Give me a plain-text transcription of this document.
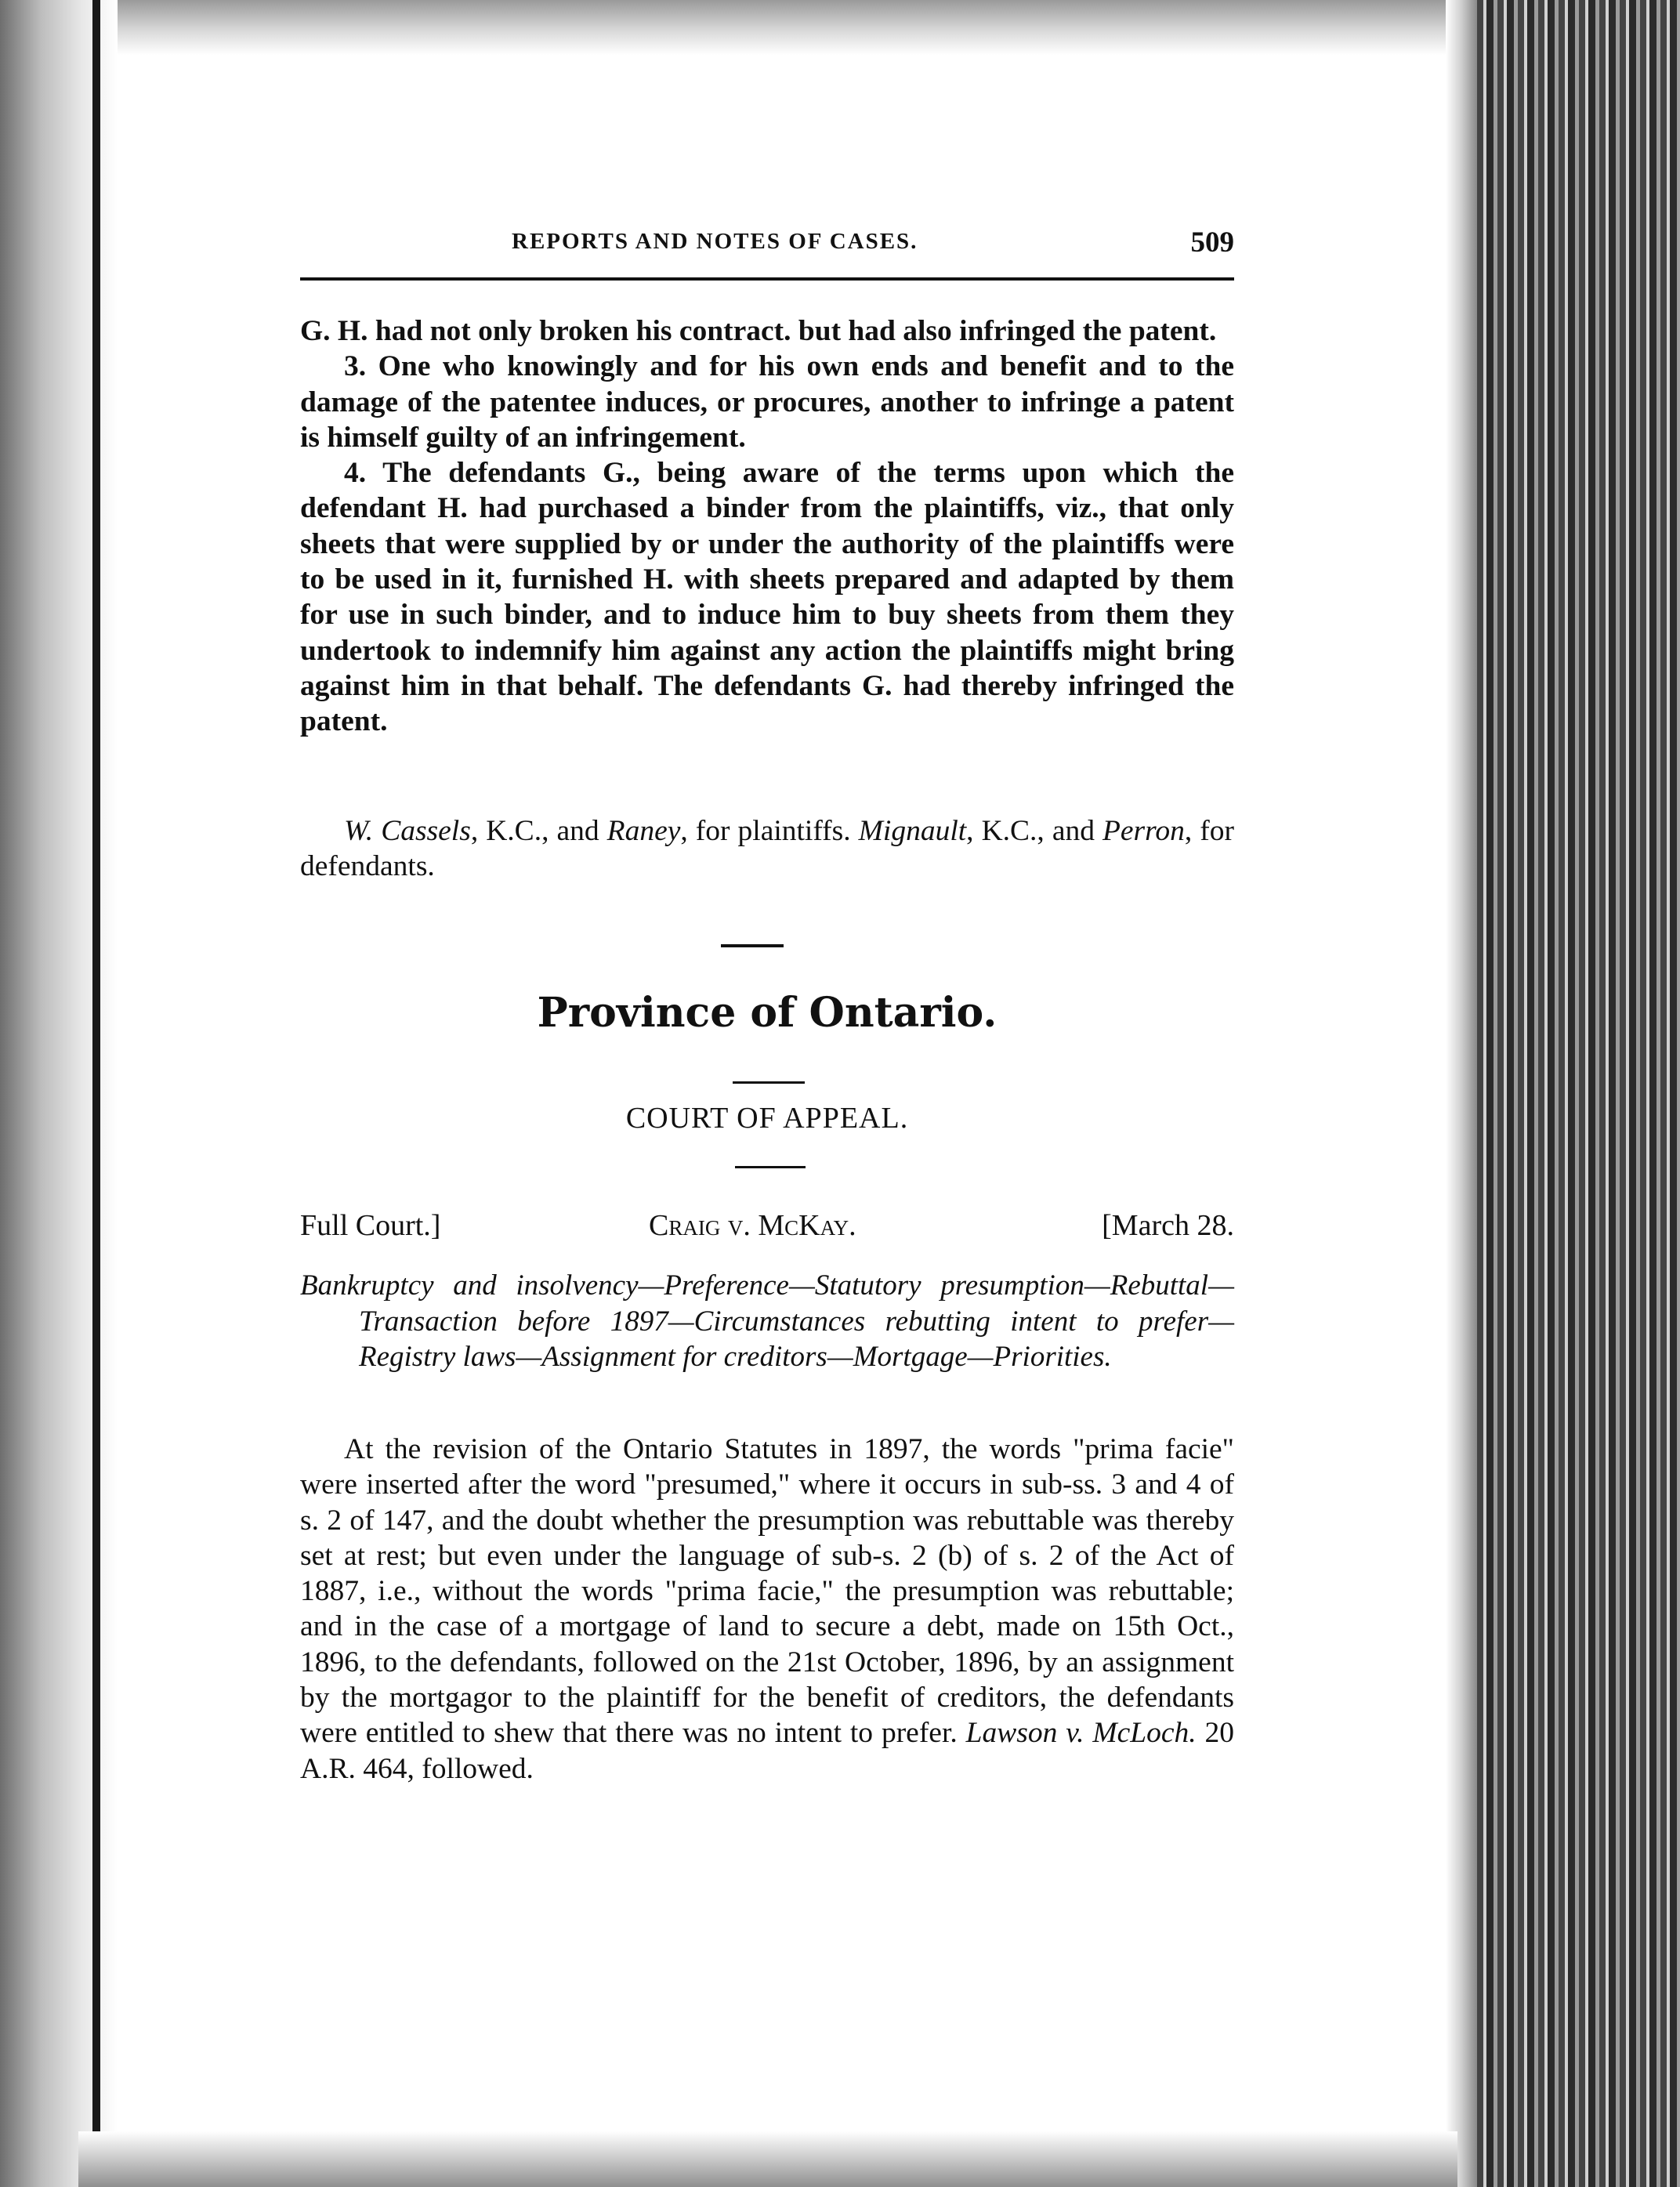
REPORTS AND NOTES OF CASES.	509

G. H. had not only broken his contract. but had also infringed the patent.

3. One who knowingly and for his own ends and benefit and to the damage of the patentee induces, or procures, another to infringe a patent is himself guilty of an infringement.

4. The defendants G., being aware of the terms upon which the defendant H. had purchased a binder from the plaintiffs, viz., that only sheets that were supplied by or under the authority of the plaintiffs were to be used in it, furnished H. with sheets prepared and adapted by them for use in such binder, and to induce him to buy sheets from them they undertook to indemnify him against any action the plaintiffs might bring against him in that behalf. The defendants G. had thereby infringed the patent.

W. Cassels, K.C., and Raney, for plaintiffs. Mignault, K.C., and Perron, for defendants.

Province of Ontario.
COURT OF APPEAL.
Full Court.]	Craig v. McKay.	[March 28.

Bankruptcy and insolvency—Preference—Statutory presumption—Rebuttal—Transaction before 1897—Circumstances rebutting intent to prefer—Registry laws—Assignment for creditors—Mortgage—Priorities.

At the revision of the Ontario Statutes in 1897, the words "prima facie" were inserted after the word "presumed," where it occurs in sub-ss. 3 and 4 of s. 2 of 147, and the doubt whether the presumption was rebuttable was thereby set at rest; but even under the language of sub-s. 2 (b) of s. 2 of the Act of 1887, i.e., without the words "prima facie," the presumption was rebuttable; and in the case of a mortgage of land to secure a debt, made on 15th Oct., 1896, to the defendants, followed on the 21st October, 1896, by an assignment by the mortgagor to the plaintiff for the benefit of creditors, the defendants were entitled to shew that there was no intent to prefer. Lawson v. McLoch. 20 A.R. 464, followed.
